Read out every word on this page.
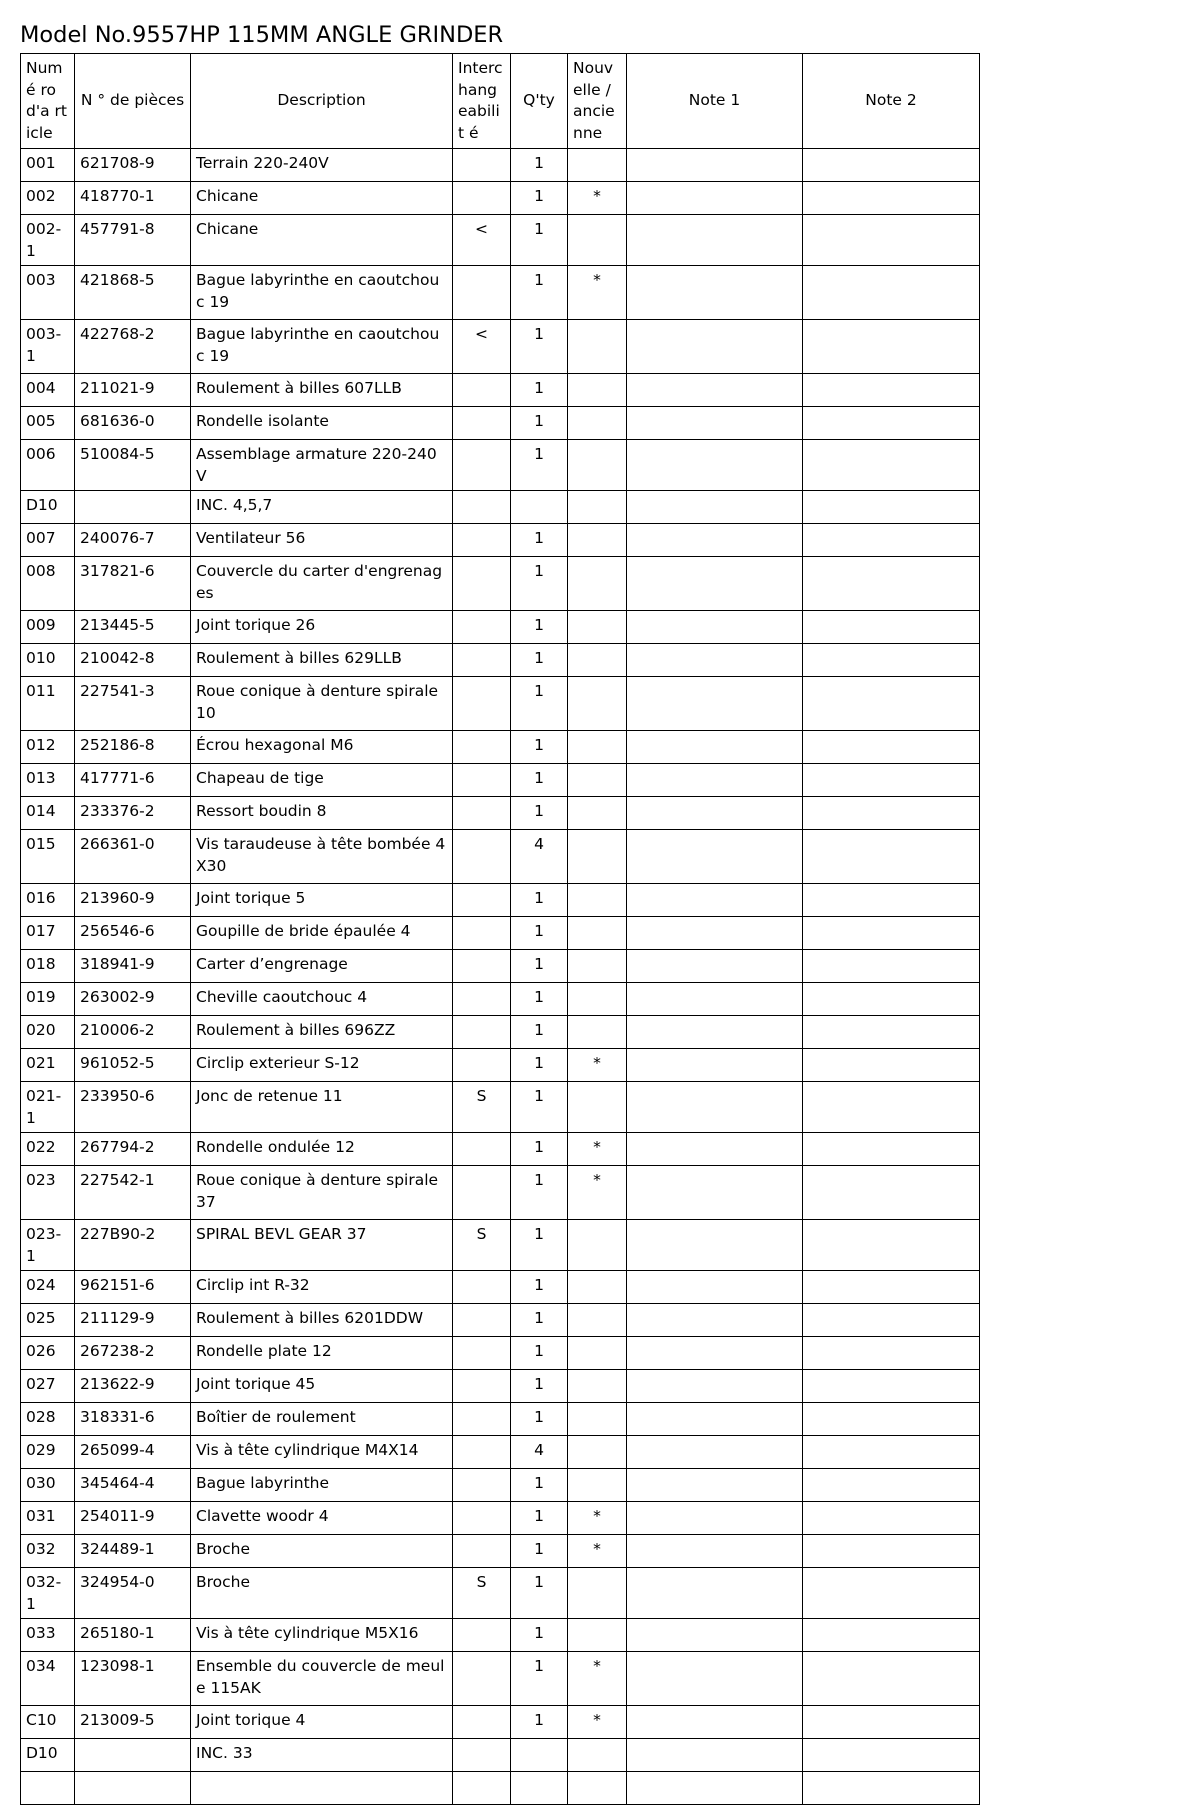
Model No.9557HP 115MM ANGLE GRINDER
Numé ro d'a rticle	N ° de pièces	Description	Interc hang eabilit é	Q'ty	Nouv elle / ancie nne	Note 1	Note 2
001	621708-9	Terrain 220-240V		1			
002	418770-1	Chicane		1	*		
002-1	457791-8	Chicane	<	1			
003	421868-5	Bague labyrinthe en caoutchouc 19		1	*		
003-1	422768-2	Bague labyrinthe en caoutchouc 19	<	1			
004	211021-9	Roulement à billes 607LLB		1			
005	681636-0	Rondelle isolante		1			
006	510084-5	Assemblage armature 220-240V		1			
D10		INC. 4,5,7					
007	240076-7	Ventilateur 56		1			
008	317821-6	Couvercle du carter d'engrenages		1			
009	213445-5	Joint torique 26		1			
010	210042-8	Roulement à billes 629LLB		1			
011	227541-3	Roue conique à denture spirale 10		1			
012	252186-8	Écrou hexagonal M6		1			
013	417771-6	Chapeau de tige		1			
014	233376-2	Ressort boudin 8		1			
015	266361-0	Vis taraudeuse à tête bombée 4X30		4			
016	213960-9	Joint torique 5		1			
017	256546-6	Goupille de bride épaulée 4		1			
018	318941-9	Carter d’engrenage		1			
019	263002-9	Cheville caoutchouc 4		1			
020	210006-2	Roulement à billes 696ZZ		1			
021	961052-5	Circlip exterieur S-12		1	*		
021-1	233950-6	Jonc de retenue 11	S	1			
022	267794-2	Rondelle ondulée 12		1	*		
023	227542-1	Roue conique à denture spirale 37		1	*		
023-1	227B90-2	SPIRAL BEVL GEAR 37	S	1			
024	962151-6	Circlip int R-32		1			
025	211129-9	Roulement à billes 6201DDW		1			
026	267238-2	Rondelle plate 12		1			
027	213622-9	Joint torique 45		1			
028	318331-6	Boîtier de roulement		1			
029	265099-4	Vis à tête cylindrique M4X14		4			
030	345464-4	Bague labyrinthe		1			
031	254011-9	Clavette woodr 4		1	*		
032	324489-1	Broche		1	*		
032-1	324954-0	Broche	S	1			
033	265180-1	Vis à tête cylindrique M5X16		1			
034	123098-1	Ensemble du couvercle de meule 115AK		1	*		
C10	213009-5	Joint torique 4		1	*		
D10		INC. 33					
